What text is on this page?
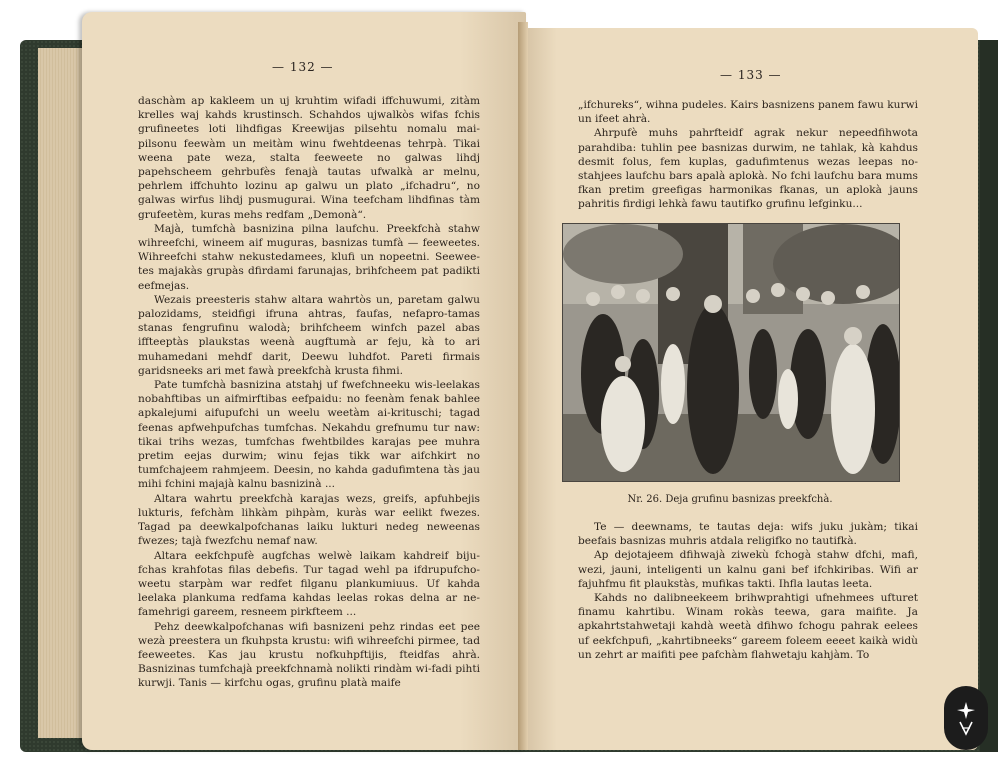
— 132 —

daschàm ap kakleem un uj kruhtim wifadi iffchuwumi, zitàm krelles waj kahds krustinsch. Schahdos ujwalkòs wifas fchis grufineetes loti lihdfigas Kreewijas pilsehtu nomalu mai-pilsonu feewàm un meitàm winu fwehtdeenas tehrpà. Tikai weena pate weza, stalta feeweete no galwas lihdj papehscheem gehrbufès fenajà tautas ufwalkà ar melnu, pehrlem iffchuhto lozinu ap galwu un plato „ifchadru“, no galwas wirfus lihdj pusmugurai. Wina teefcham lihdfinas tàm grufeetèm, kuras mehs redfam „Demonà“.

Majà, tumfchà basnizina pilna laufchu. Preekfchà stahw wihreefchi, wineem aif muguras, basnizas tumfà — feeweetes. Wihreefchi stahw nekustedamees, klufi un nopeetni. Seewee-tes majakàs grupàs dfirdami farunajas, brihfcheem pat padikti eefmejas.

Wezais preesteris stahw altara wahrtòs un, paretam galwu palozidams, steidfigi ifruna ahtras, faufas, nefapro-tamas stanas fengrufinu walodà; brihfcheem winfch pazel abas iffteeptàs plaukstas weenà augftumà ar feju, kà to ari muhamedani mehdf darit, Deewu luhdfot. Pareti firmais garidsneeks ari met fawà preekfchà krusta fihmi.

Pate tumfchà basnizina atstahj uf fwefchneeku wis-leelakas nobahftibas un aifmirftibas eefpaidu: no feenàm fenak bahlee apkalejumi aifupufchi un weelu weetàm ai-krituschi; tagad feenas apfwehpufchas tumfchas. Nekahdu grefnumu tur naw: tikai trihs wezas, tumfchas fwehtbildes karajas pee muhra pretim eejas durwim; winu fejas tikk war aifchkirt no tumfchajeem rahmjeem. Deesin, no kahda gadufimtena tàs jau mihi fchini majajà kalnu basnizinà ...

Altara wahrtu preekfchà karajas wezs, greifs, apfuhbejis lukturis, fefchàm lihkàm pihpàm, kuràs war eelikt fwezes. Tagad pa deewkalpofchanas laiku lukturi nedeg neweenas fwezes; tajà fwezfchu nemaf naw.

Altara eekfchpufè augfchas welwè laikam kahdreif biju-fchas krahfotas filas debefis. Tur tagad wehl pa ifdrupufcho-weetu starpàm war redfet filganu plankumiuus. Uf kahda leelaka plankuma redfama kahdas leelas rokas delna ar ne-famehrigi gareem, resneem pirkfteem ...

Pehz deewkalpofchanas wifi basnizeni pehz rindas eet pee wezà preestera un fkuhpsta krustu: wifi wihreefchi pirmee, tad feeweetes. Kas jau krustu nofkuhpftijis, fteidfas ahrà. Basnizinas tumfchajà preekfchnamà nolikti rindàm wi-fadi pihti kurwji. Tanis — kirfchu ogas, grufinu platà maife

— 133 —

„ifchureks“, wihna pudeles. Kairs basnizens panem fawu kurwi un ifeet ahrà.

Ahrpufè muhs pahrfteidf agrak nekur nepeedfihwota parahdiba: tuhlin pee basnizas durwim, ne tahlak, kà kahdus desmit folus, fem kuplas, gadufimtenus wezas leepas no-stahjees laufchu bars apalà aplokà. No fchi laufchu bara mums fkan pretim greefigas harmonikas fkanas, un aplokà jauns pahritis firdigi lehkà fawu tautifko grufinu lefginku...

Nr. 26. Deja grufinu basnizas preekfchà.

Te — deewnams, te tautas deja: wifs juku jukàm; tikai beefais basnizas muhris atdala religifko no tautifkà.

Ap dejotajeem dfihwajà ziwekù fchogà stahw dfchi, mafi, wezi, jauni, inteligenti un kalnu gani bef ifchkiribas. Wifi ar fajuhfmu fit plaukstàs, mufikas takti. Ihfla lautas leeta.

Kahds no dalibneekeem brihwprahtigi ufnehmees ufturet finamu kahrtibu. Winam rokàs teewa, gara maifite. Ja apkahrtstahwetaji kahdà weetà dfihwo fchogu pahrak eelees uf eekfchpufi, „kahrtibneeks“ gareem foleem eeeet kaikà widù un zehrt ar maifiti pee pafchàm flahwetaju kahjàm. To
